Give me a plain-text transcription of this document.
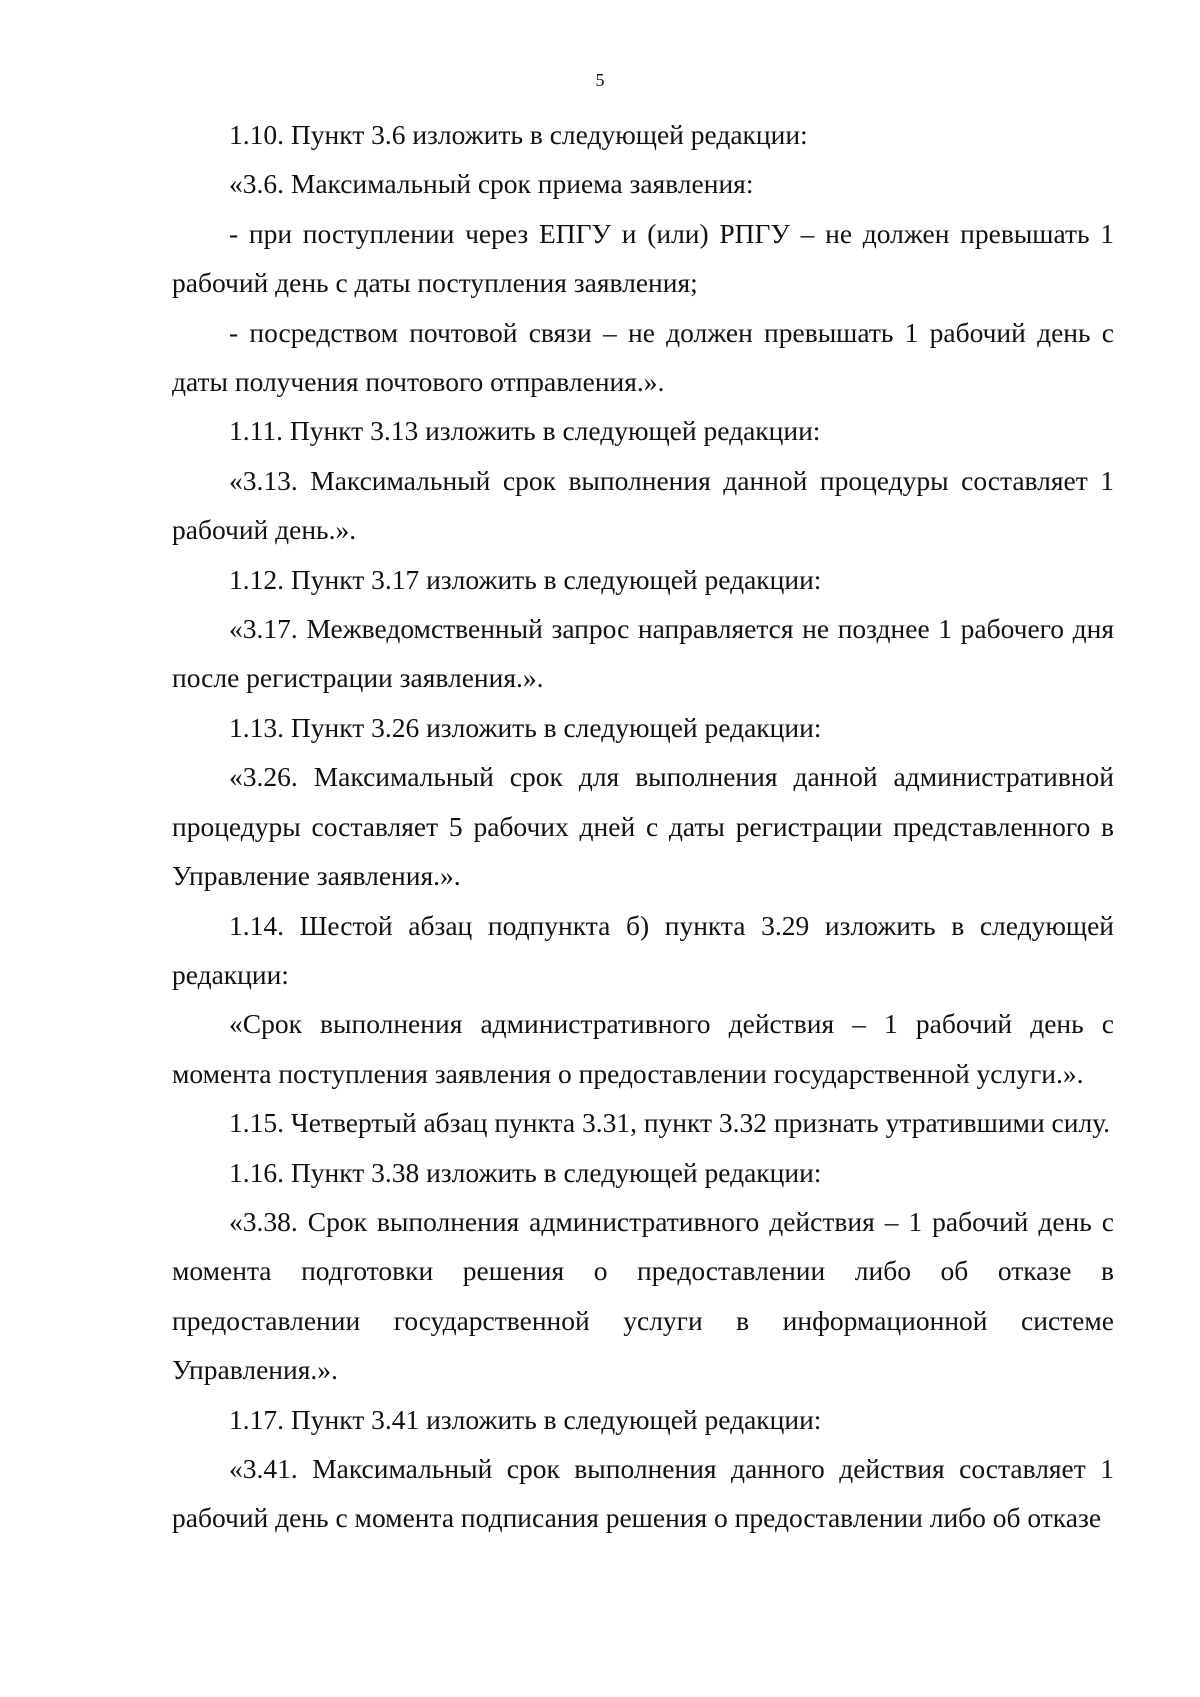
5

1.10. Пункт 3.6 изложить в следующей редакции:

«3.6. Максимальный срок приема заявления:

- при поступлении через ЕПГУ и (или) РПГУ – не должен превышать 1 рабочий день с даты поступления заявления;

- посредством почтовой связи – не должен превышать 1 рабочий день с даты получения почтового отправления.».

1.11. Пункт 3.13 изложить в следующей редакции:

«3.13. Максимальный срок выполнения данной процедуры составляет 1 рабочий день.».

1.12. Пункт 3.17 изложить в следующей редакции:

«3.17. Межведомственный запрос направляется не позднее 1 рабочего дня после регистрации заявления.».

1.13. Пункт 3.26 изложить в следующей редакции:

«3.26. Максимальный срок для выполнения данной административной процедуры составляет 5 рабочих дней с даты регистрации представленного в Управление заявления.».

1.14. Шестой абзац подпункта б) пункта 3.29 изложить в следующей редакции:

«Срок выполнения административного действия – 1 рабочий день с момента поступления заявления о предоставлении государственной услуги.».

1.15. Четвертый абзац пункта 3.31, пункт 3.32 признать утратившими силу.

1.16. Пункт 3.38 изложить в следующей редакции:

«3.38. Срок выполнения административного действия – 1 рабочий день с момента подготовки решения о предоставлении либо об отказе в предоставлении государственной услуги в информационной системе Управления.».

1.17. Пункт 3.41 изложить в следующей редакции:

«3.41. Максимальный срок выполнения данного действия составляет 1 рабочий день с момента подписания решения о предоставлении либо об отказе
